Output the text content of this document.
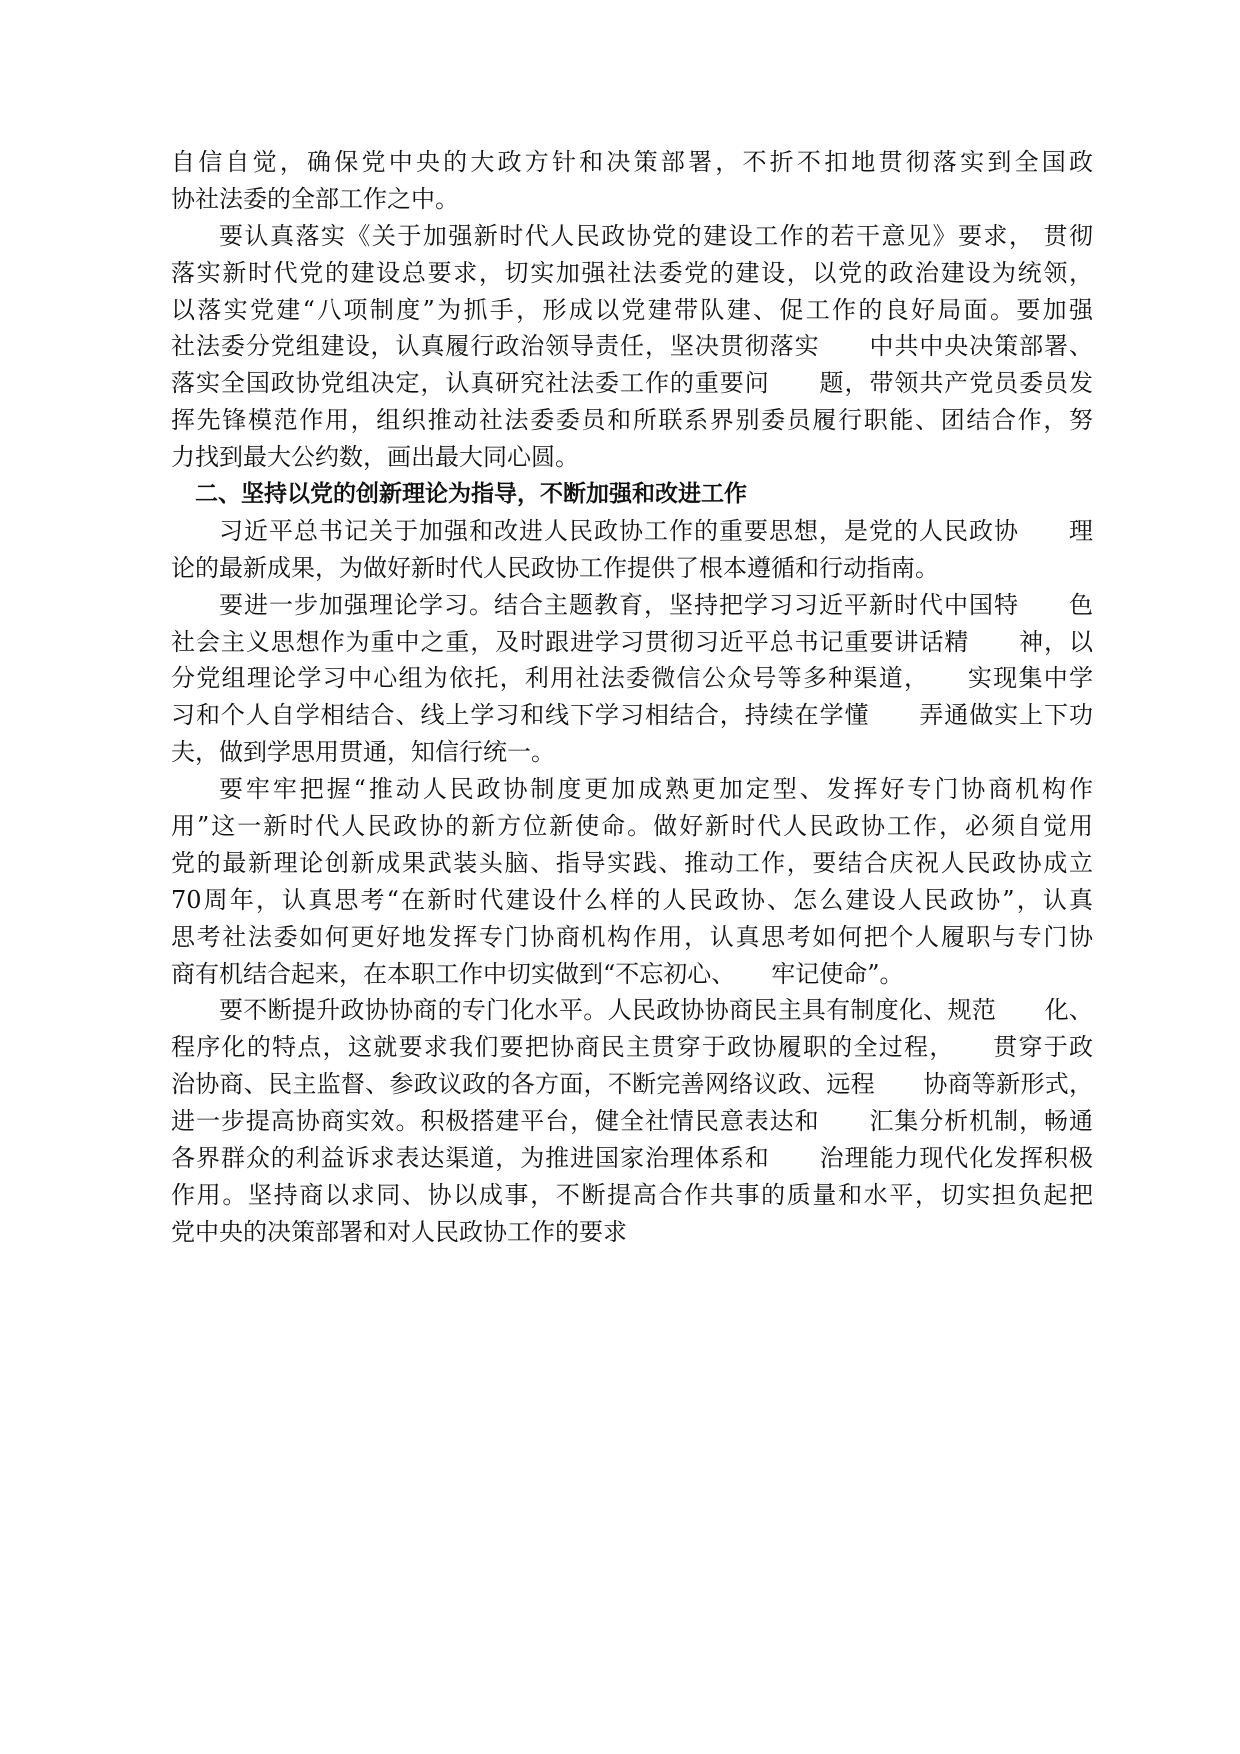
自信自觉，确保党中央的大政方针和决策部署，不折不扣地贯彻落实到全国政
协社法委的全部工作之中。
要认真落实《关于加强新时代人民政协党的建设工作的若干意见》要求， 贯彻
落实新时代党的建设总要求，切实加强社法委党的建设，以党的政治建设为统领，
以落实党建“八项制度”为抓手，形成以党建带队建、促工作的良好局面。要加强
社法委分党组建设，认真履行政治领导责任，坚决贯彻落实　　中共中央决策部署、
落实全国政协党组决定，认真研究社法委工作的重要问　　题，带领共产党员委员发
挥先锋模范作用，组织推动社法委委员和所联系界别委员履行职能、团结合作，努
力找到最大公约数，画出最大同心圆。
二、坚持以党的创新理论为指导，不断加强和改进工作
习近平总书记关于加强和改进人民政协工作的重要思想，是党的人民政协　　理
论的最新成果，为做好新时代人民政协工作提供了根本遵循和行动指南。
要进一步加强理论学习。结合主题教育，坚持把学习习近平新时代中国特　　色
社会主义思想作为重中之重，及时跟进学习贯彻习近平总书记重要讲话精　　神，以
分党组理论学习中心组为依托，利用社法委微信公众号等多种渠道，　　实现集中学
习和个人自学相结合、线上学习和线下学习相结合，持续在学懂　　弄通做实上下功
夫，做到学思用贯通，知信行统一。
要牢牢把握“推动人民政协制度更加成熟更加定型、发挥好专门协商机构作
用”这一新时代人民政协的新方位新使命。做好新时代人民政协工作，必须自觉用
党的最新理论创新成果武装头脑、指导实践、推动工作，要结合庆祝人民政协成立
70周年，认真思考“在新时代建设什么样的人民政协、怎么建设人民政协”，认真
思考社法委如何更好地发挥专门协商机构作用，认真思考如何把个人履职与专门协
商有机结合起来，在本职工作中切实做到“不忘初心、　　牢记使命”。
要不断提升政协协商的专门化水平。人民政协协商民主具有制度化、规范　　化、
程序化的特点，这就要求我们要把协商民主贯穿于政协履职的全过程，　　贯穿于政
治协商、民主监督、参政议政的各方面，不断完善网络议政、远程　　协商等新形式，
进一步提高协商实效。积极搭建平台，健全社情民意表达和　　汇集分析机制，畅通
各界群众的利益诉求表达渠道，为推进国家治理体系和　　治理能力现代化发挥积极
作用。坚持商以求同、协以成事，不断提高合作共事的质量和水平，切实担负起把
党中央的决策部署和对人民政协工作的要求
